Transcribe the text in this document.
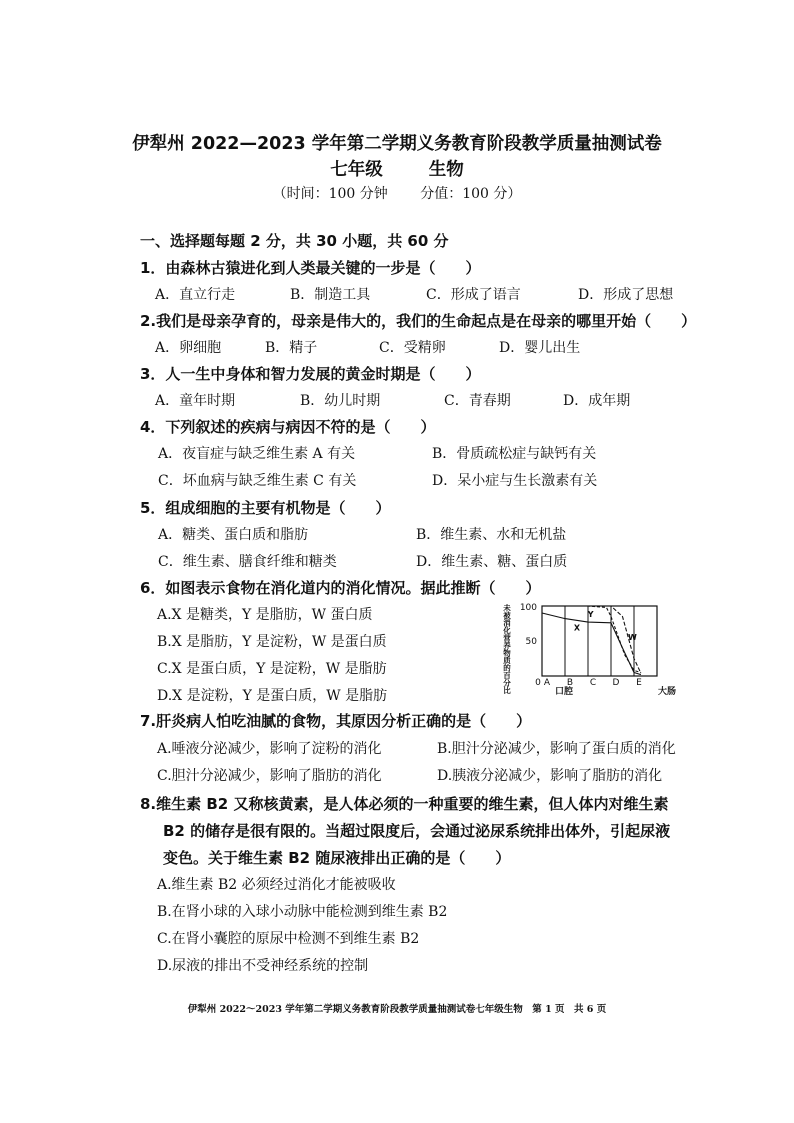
伊犁州 2022—2023 学年第二学期义务教育阶段教学质量抽测试卷
七年级	生物
（时间：100 分钟 分值：100 分）
一、选择题每题 2 分，共 30 小题，共 60 分
1．由森林古猿进化到人类最关键的一步是（　　）
A．直立行走	B．制造工具	C．形成了语言	D．形成了思想
2.我们是母亲孕育的，母亲是伟大的，我们的生命起点是在母亲的哪里开始（　　）
A．卵细胞	B．精子	C．受精卵	D．婴儿出生
3．人一生中身体和智力发展的黄金时期是（　　）
A．童年时期	B．幼儿时期	C．青春期	D．成年期
4．下列叙述的疾病与病因不符的是（　　）
A．夜盲症与缺乏维生素 A 有关	B．骨质疏松症与缺钙有关
C．坏血病与缺乏维生素 C 有关	D．呆小症与生长激素有关
5．组成细胞的主要有机物是（　　）
A．糖类、蛋白质和脂肪	B．维生素、水和无机盐
C．维生素、膳食纤维和糖类	D．维生素、糖、蛋白质
6．如图表示食物在消化道内的消化情况。据此推断（　　）
A.X 是糖类，Y 是脂肪，W 蛋白质
B.X 是脂肪，Y 是淀粉，W 是蛋白质
C.X 是蛋白质，Y 是淀粉，W 是脂肪
D.X 是淀粉，Y 是蛋白质，W 是脂肪
未被消化营养物质的百分比 100
50
0 A B C D E
X
Y
W
口腔	大肠
7.肝炎病人怕吃油腻的食物，其原因分析正确的是（　　）
A.唾液分泌减少，影响了淀粉的消化	B.胆汁分泌减少，影响了蛋白质的消化
C.胆汁分泌减少，影响了脂肪的消化	D.胰液分泌减少，影响了脂肪的消化
8.维生素 B2 又称核黄素，是人体必须的一种重要的维生素，但人体内对维生素
B2 的储存是很有限的。当超过限度后，会通过泌尿系统排出体外，引起尿液
变色。关于维生素 B2 随尿液排出正确的是（　　）
A.维生素 B2 必须经过消化才能被吸收
B.在肾小球的入球小动脉中能检测到维生素 B2
C.在肾小囊腔的原尿中检测不到维生素 B2
D.尿液的排出不受神经系统的控制
伊犁州 2022～2023 学年第二学期义务教育阶段教学质量抽测试卷七年级生物　第 1 页　共 6 页
